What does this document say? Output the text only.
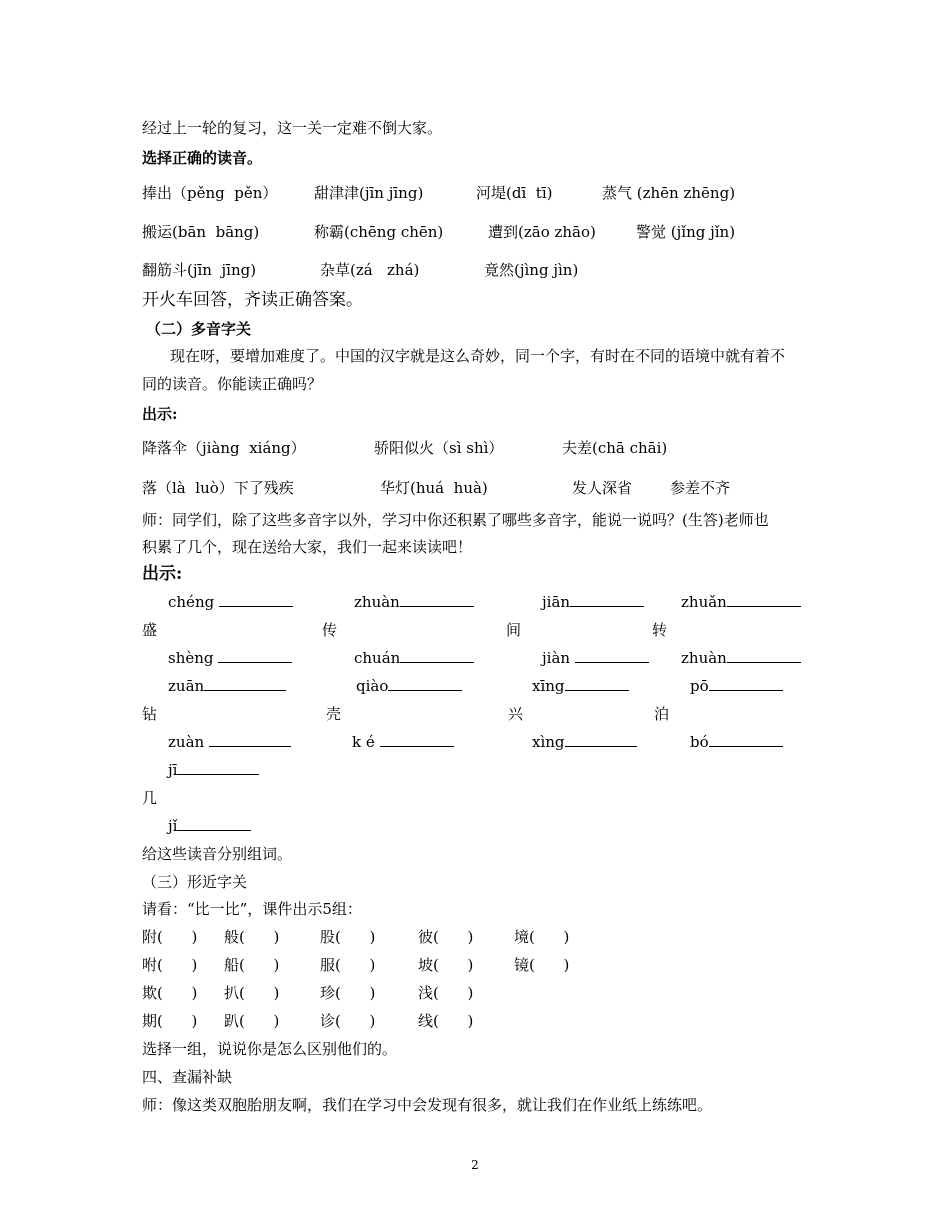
经过上一轮的复习，这一关一定难不倒大家。
选择正确的读音。
捧出（pěng  pěn） 甜津津(jīn jīng)	河堤(dī  tī)	蒸气 (zhēn zhēng)
搬运(bān  bāng)	称霸(chēng chēn)	遭到(zāo zhāo)	警觉 (jǐng jǐn)
翻筋斗(jīn  jīng)	杂草(zá   zhá)	竟然(jìng jìn)
开火车回答，齐读正确答案。
（二）多音字关
现在呀，要增加难度了。中国的汉字就是这么奇妙，同一个字，有时在不同的语境中就有着不
同的读音。你能读正确吗？
出示:
降落伞（jiàng  xiáng）	骄阳似火（sì shì）	夫差(chā chāi)
落（là  luò）下了残疾	华灯(huá  huà)	发人深省	参差不齐
师：同学们，除了这些多音字以外，学习中你还积累了哪些多音字，能说一说吗？(生答)老师也
积累了几个，现在送给大家，我们一起来读读吧！
出示:
chéng	zhuàn	jiān	zhuǎn
盛	传	间	转
shèng	chuán	jiàn	zhuàn
zuān	qiào	xīng	pō
钻	壳	兴	泊
zuàn	k é	xìng	bó
jī
几
jǐ
给这些读音分别组词。
（三）形近字关
请看：“比一比”，课件出示5组：
附(      ) 般(      )	股(      )	彼(      )	境(      )
咐(      ) 船(      )	服(      )	坡(      )	镜(      )
欺(      ) 扒(      )	珍(      )	浅(      )
期(      ) 趴(      )	诊(      )	线(      )
选择一组，说说你是怎么区别他们的。
四、查漏补缺
师：像这类双胞胎朋友啊，我们在学习中会发现有很多，就让我们在作业纸上练练吧。
2
